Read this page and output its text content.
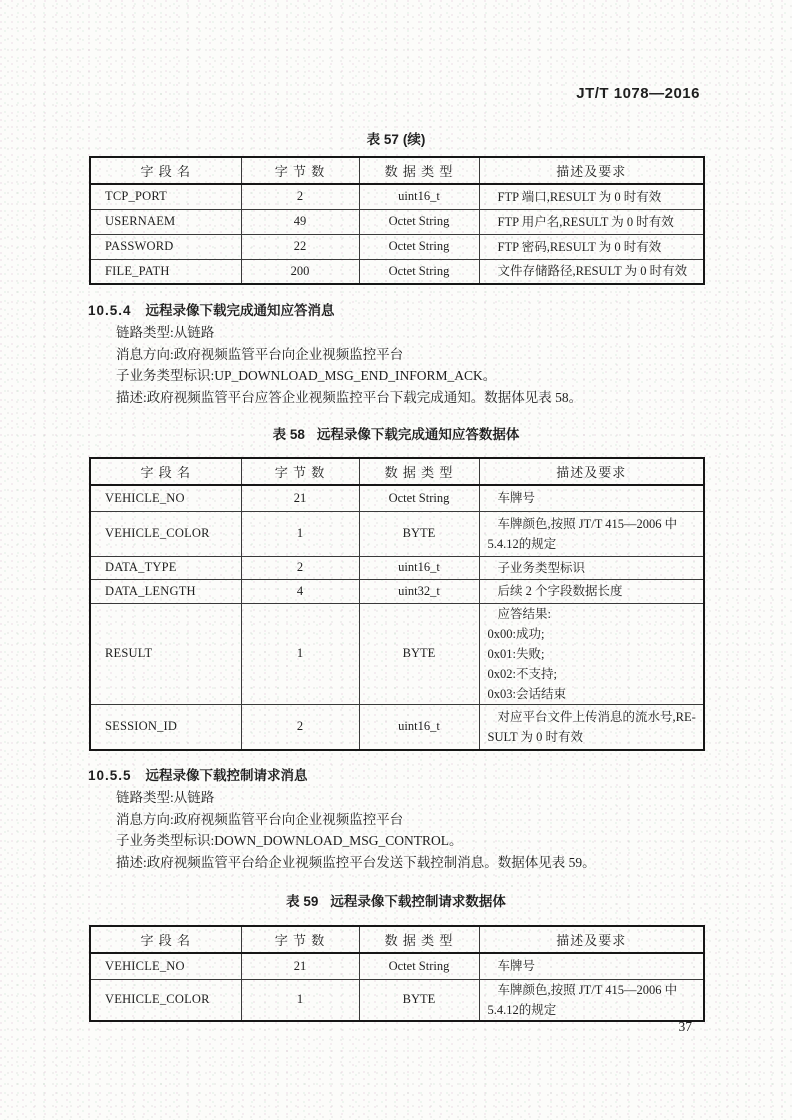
JT/T 1078—2016
表 57 (续)
字 段 名	字 节 数	数 据 类 型	描述及要求
TCP_PORT	2	uint16_t	FTP 端口,RESULT 为 0 时有效

USERNAEM	49	Octet String	FTP 用户名,RESULT 为 0 时有效

PASSWORD	22	Octet String	FTP 密码,RESULT 为 0 时有效

FILE_PATH	200	Octet String	文件存储路径,RESULT 为 0 时有效
10.5.4 远程录像下载完成通知应答消息
链路类型:从链路
消息方向:政府视频监管平台向企业视频监控平台
子业务类型标识:UP_DOWNLOAD_MSG_END_INFORM_ACK。
描述:政府视频监管平台应答企业视频监控平台下载完成通知。数据体见表 58。
表 58 远程录像下载完成通知应答数据体
字 段 名	字 节 数	数 据 类 型	描述及要求
VEHICLE_NO	21	Octet String	车牌号

VEHICLE_COLOR	1	BYTE	车牌颜色,按照 JT/T 415—2006 中
5.4.12的规定

DATA_TYPE	2	uint16_t	子业务类型标识

DATA_LENGTH	4	uint32_t	后续 2 个字段数据长度

RESULT	1	BYTE	应答结果:
0x00:成功;
0x01:失败;
0x02:不支持;
0x03:会话结束

SESSION_ID	2	uint16_t	对应平台文件上传消息的流水号,RE-
SULT 为 0 时有效
10.5.5 远程录像下载控制请求消息
链路类型:从链路
消息方向:政府视频监管平台向企业视频监控平台
子业务类型标识:DOWN_DOWNLOAD_MSG_CONTROL。
描述:政府视频监管平台给企业视频监控平台发送下载控制消息。数据体见表 59。
表 59 远程录像下载控制请求数据体
字 段 名	字 节 数	数 据 类 型	描述及要求
VEHICLE_NO	21	Octet String	车牌号

VEHICLE_COLOR	1	BYTE	车牌颜色,按照 JT/T 415—2006 中
5.4.12的规定
37
